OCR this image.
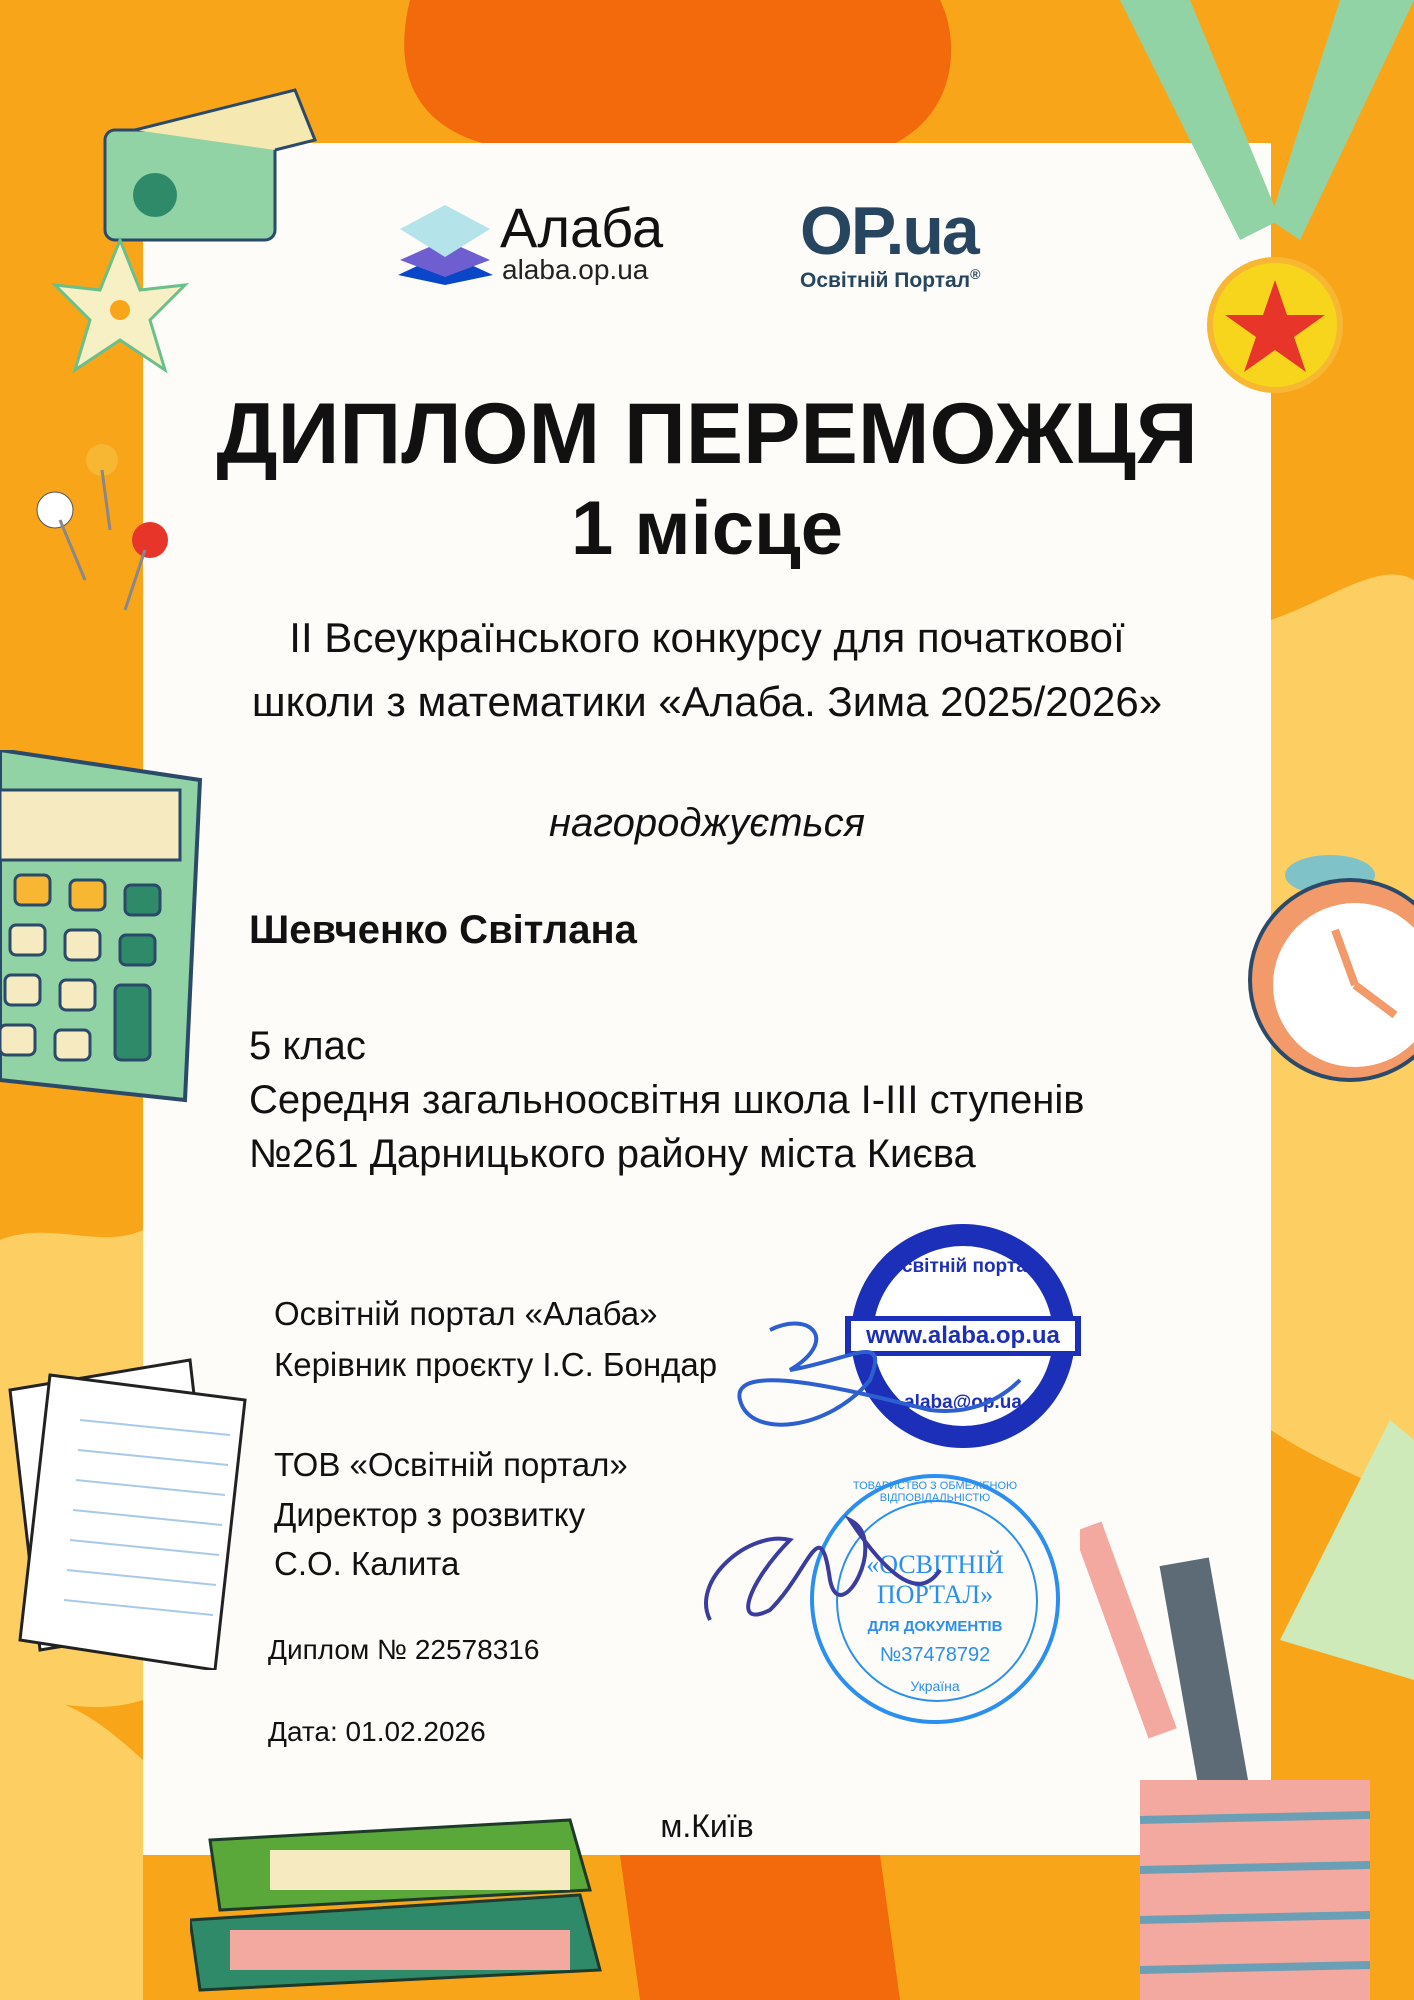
Алаба
alaba.op.ua
OP.ua
Освітній Портал®
ДИПЛОМ ПЕРЕМОЖЦЯ
1 місце
ІІ Всеукраїнського конкурсу для початкової
школи з математики «Алаба. Зима 2025/2026»
нагороджується
Шевченко Світлана
5 клас
Середня загальноосвітня школа І-ІІІ ступенів
№261 Дарницького району міста Києва
Освітній портал «Алаба»
Керівник проєкту І.С. Бондар
ТОВ «Освітній портал»
Директор з розвитку
С.О. Калита
Диплом № 22578316
Дата: 01.02.2026
м.Київ
Освітній портал
www.alaba.op.ua
alaba@op.ua
ТОВАРИСТВО З ОБМЕЖЕНОЮ ВІДПОВІДАЛЬНІСТЮ
«ОСВІТНІЙ
ПОРТАЛ»
ДЛЯ ДОКУМЕНТІВ
№37478792
Україна
